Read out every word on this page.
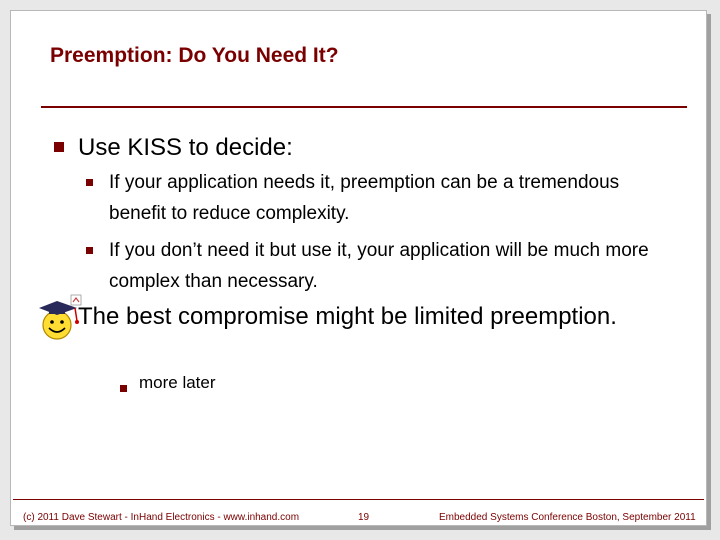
Preemption: Do You Need It?

Use KISS to decide:

If your application needs it, preemption can be a tremendous benefit to reduce complexity.

If you don’t need it but use it, your application will be much more complex than necessary.

The best compromise might be limited preemption.

more later

(c) 2011 Dave Stewart - InHand Electronics - www.inhand.com	19	Embedded Systems Conference Boston, September 2011
